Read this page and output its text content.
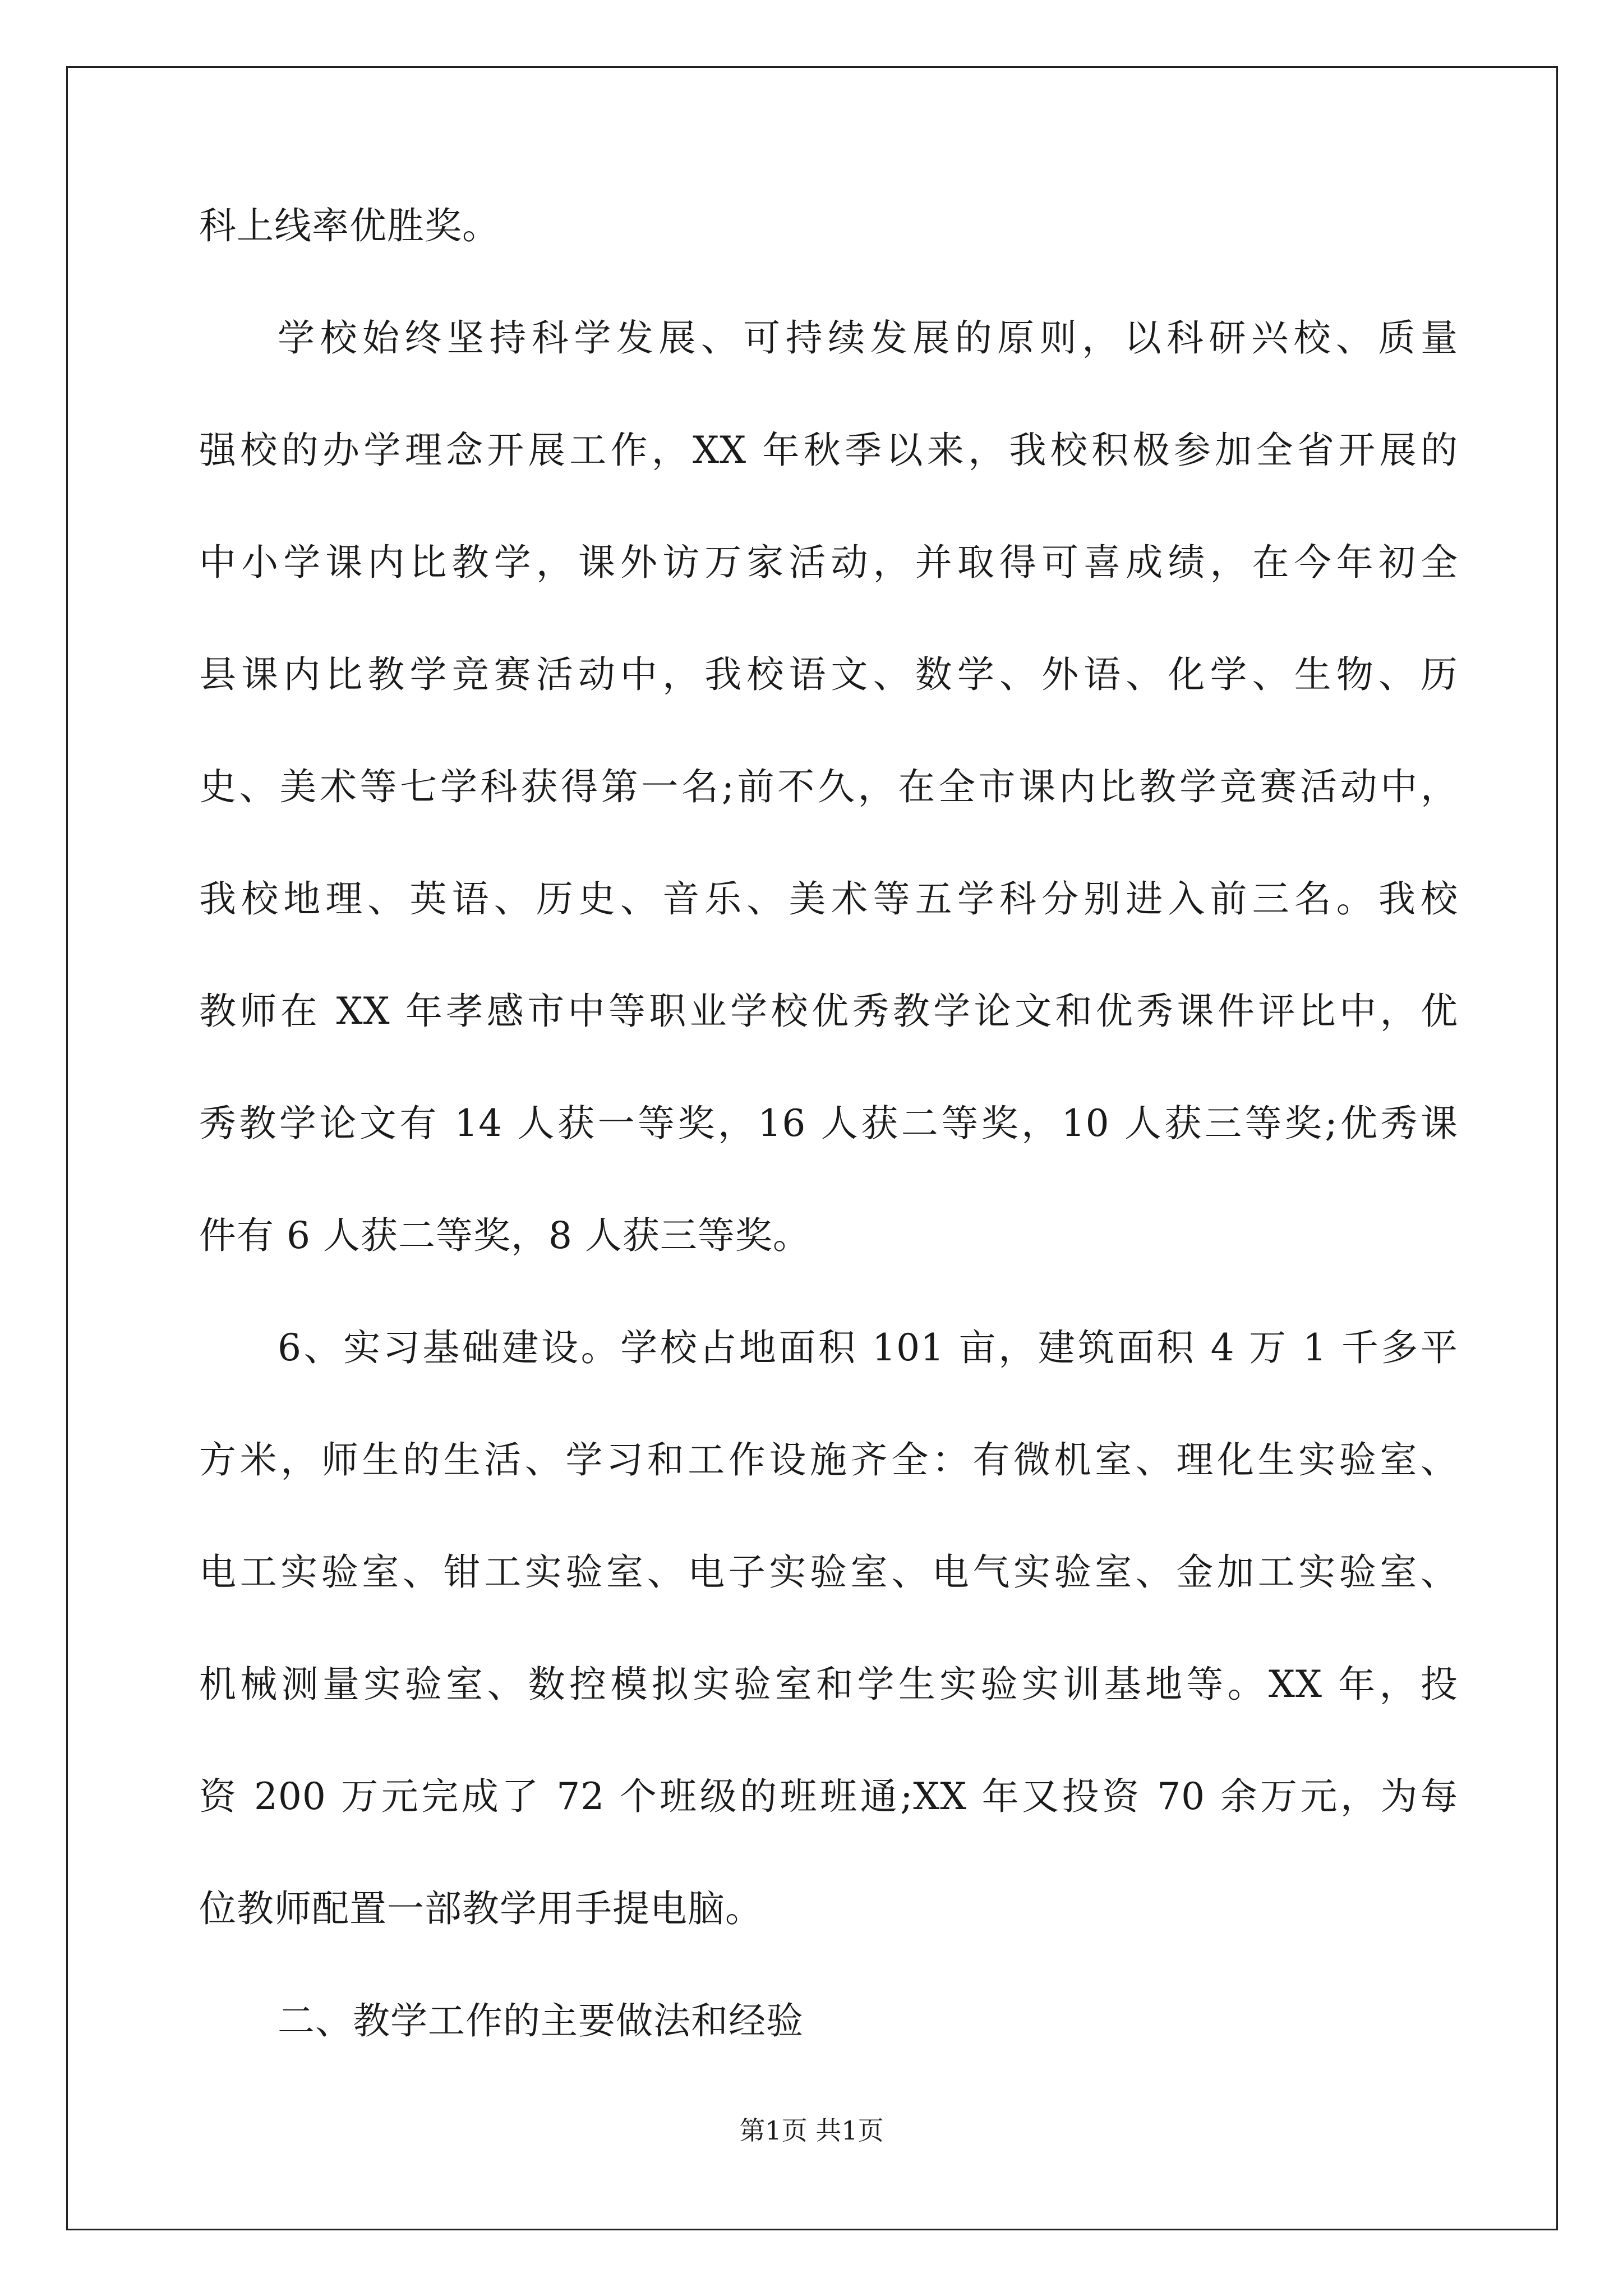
科上线率优胜奖。
学校始终坚持科学发展、可持续发展的原则，以科研兴校、质量
强校的办学理念开展工作，XX 年秋季以来，我校积极参加全省开展的
中小学课内比教学，课外访万家活动，并取得可喜成绩，在今年初全
县课内比教学竞赛活动中，我校语文、数学、外语、化学、生物、历
史、美术等七学科获得第一名;前不久，在全市课内比教学竞赛活动中，
我校地理、英语、历史、音乐、美术等五学科分别进入前三名。我校
教师在 XX 年孝感市中等职业学校优秀教学论文和优秀课件评比中，优
秀教学论文有 14 人获一等奖，16 人获二等奖，10 人获三等奖;优秀课
件有 6 人获二等奖，8 人获三等奖。
6、实习基础建设。学校占地面积 101 亩，建筑面积 4 万 1 千多平
方米，师生的生活、学习和工作设施齐全：有微机室、理化生实验室、
电工实验室、钳工实验室、电子实验室、电气实验室、金加工实验室、
机械测量实验室、数控模拟实验室和学生实验实训基地等。XX 年，投
资 200 万元完成了 72 个班级的班班通;XX 年又投资 70 余万元，为每
位教师配置一部教学用手提电脑。
二、教学工作的主要做法和经验
第1页 共1页
